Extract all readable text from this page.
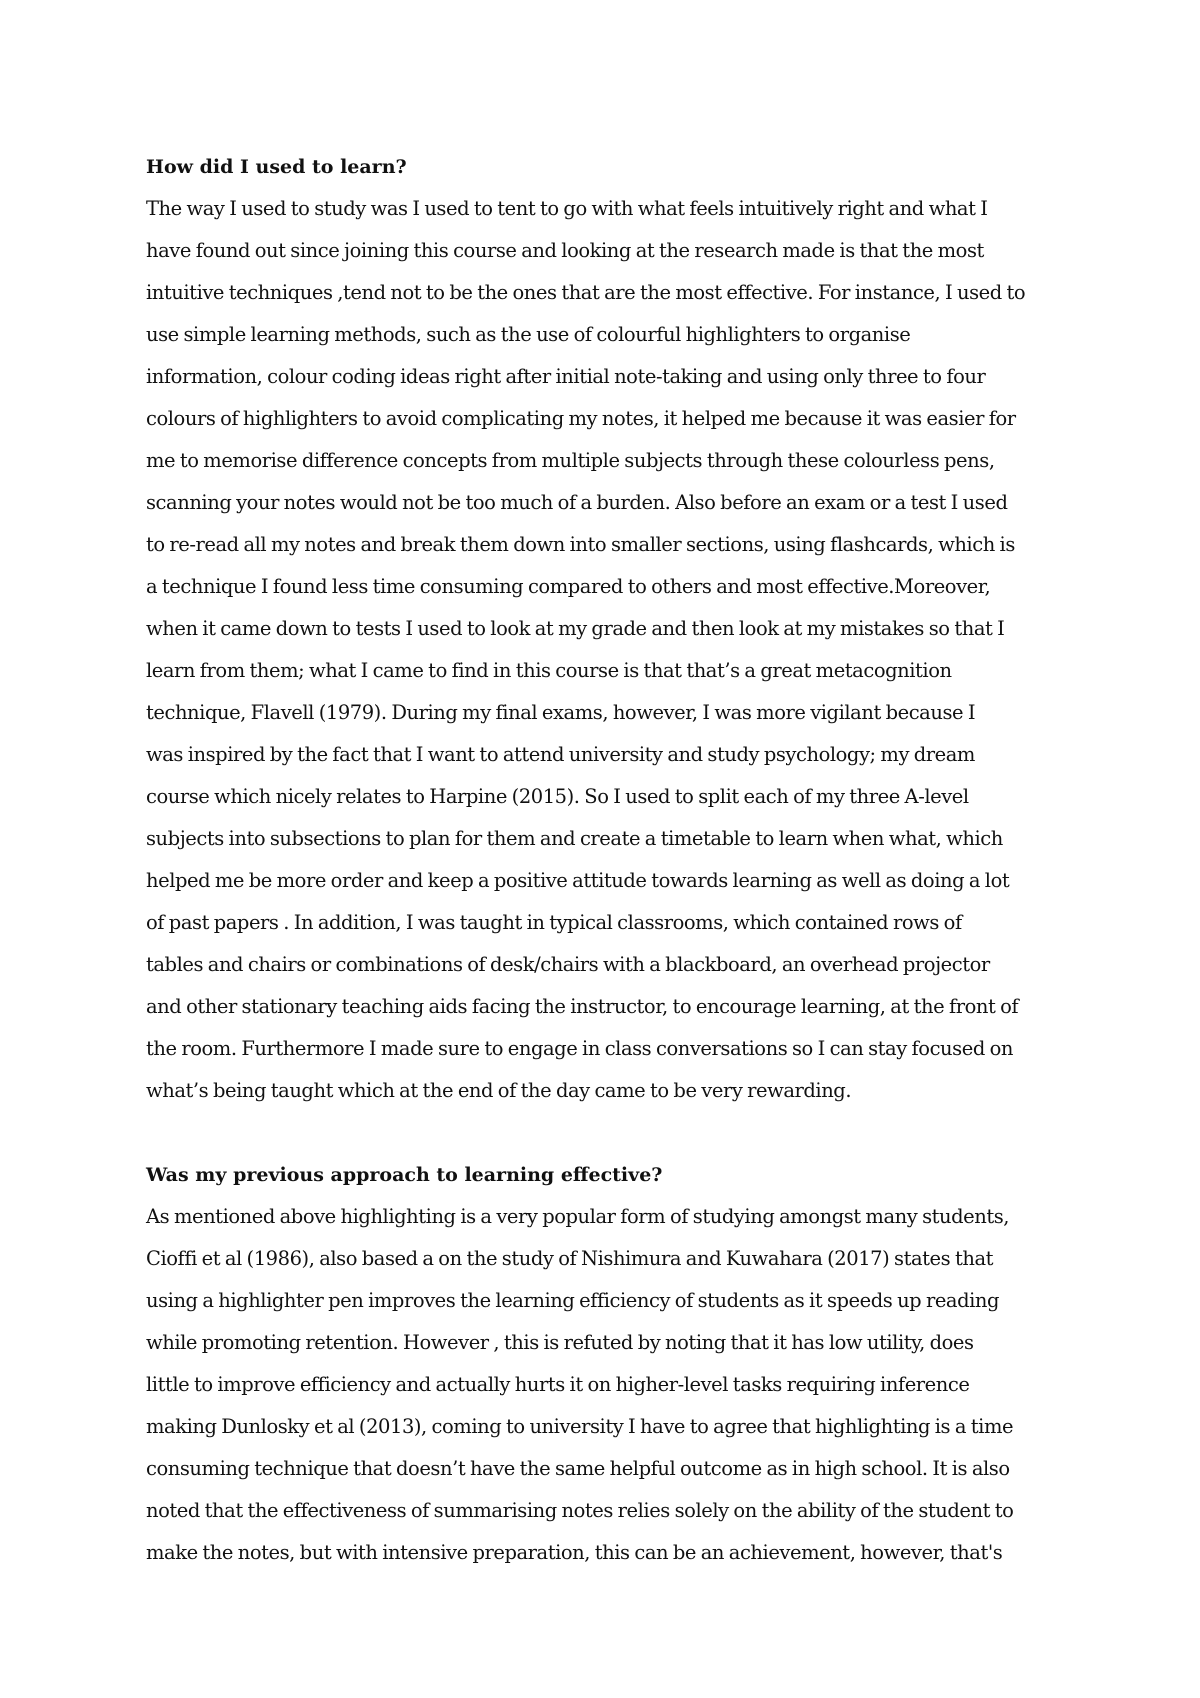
How did I used to learn?
The way I used to study was I used to tent to go with what feels intuitively right and what I
have found out since joining this course and looking at the research made is that the most
intuitive techniques ,tend not to be the ones that are the most effective. For instance, I used to
use simple learning methods, such as the use of colourful highlighters to organise
information, colour coding ideas right after initial note-taking and using only three to four
colours of highlighters to avoid complicating my notes, it helped me because it was easier for
me to memorise difference concepts from multiple subjects through these colourless pens,
scanning your notes would not be too much of a burden. Also before an exam or a test I used
to re-read all my notes and break them down into smaller sections, using flashcards, which is
a technique I found less time consuming compared to others and most effective.Moreover,
when it came down to tests I used to look at my grade and then look at my mistakes so that I
learn from them; what I came to find in this course is that that’s a great metacognition
technique, Flavell (1979). During my final exams, however, I was more vigilant because I
was inspired by the fact that I want to attend university and study psychology; my dream
course which nicely relates to Harpine (2015). So I used to split each of my three A-level
subjects into subsections to plan for them and create a timetable to learn when what, which
helped me be more order and keep a positive attitude towards learning as well as doing a lot
of past papers . In addition, I was taught in typical classrooms, which contained rows of
tables and chairs or combinations of desk/chairs with a blackboard, an overhead projector
and other stationary teaching aids facing the instructor, to encourage learning, at the front of
the room. Furthermore I made sure to engage in class conversations so I can stay focused on
what’s being taught which at the end of the day came to be very rewarding.
Was my previous approach to learning effective?
As mentioned above highlighting is a very popular form of studying amongst many students,
Cioffi et al (1986), also based a on the study of Nishimura and Kuwahara (2017) states that
using a highlighter pen improves the learning efficiency of students as it speeds up reading
while promoting retention. However , this is refuted by noting that it has low utility, does
little to improve efficiency and actually hurts it on higher-level tasks requiring inference
making Dunlosky et al (2013), coming to university I have to agree that highlighting is a time
consuming technique that doesn’t have the same helpful outcome as in high school. It is also
noted that the effectiveness of summarising notes relies solely on the ability of the student to
make the notes, but with intensive preparation, this can be an achievement, however, that's
